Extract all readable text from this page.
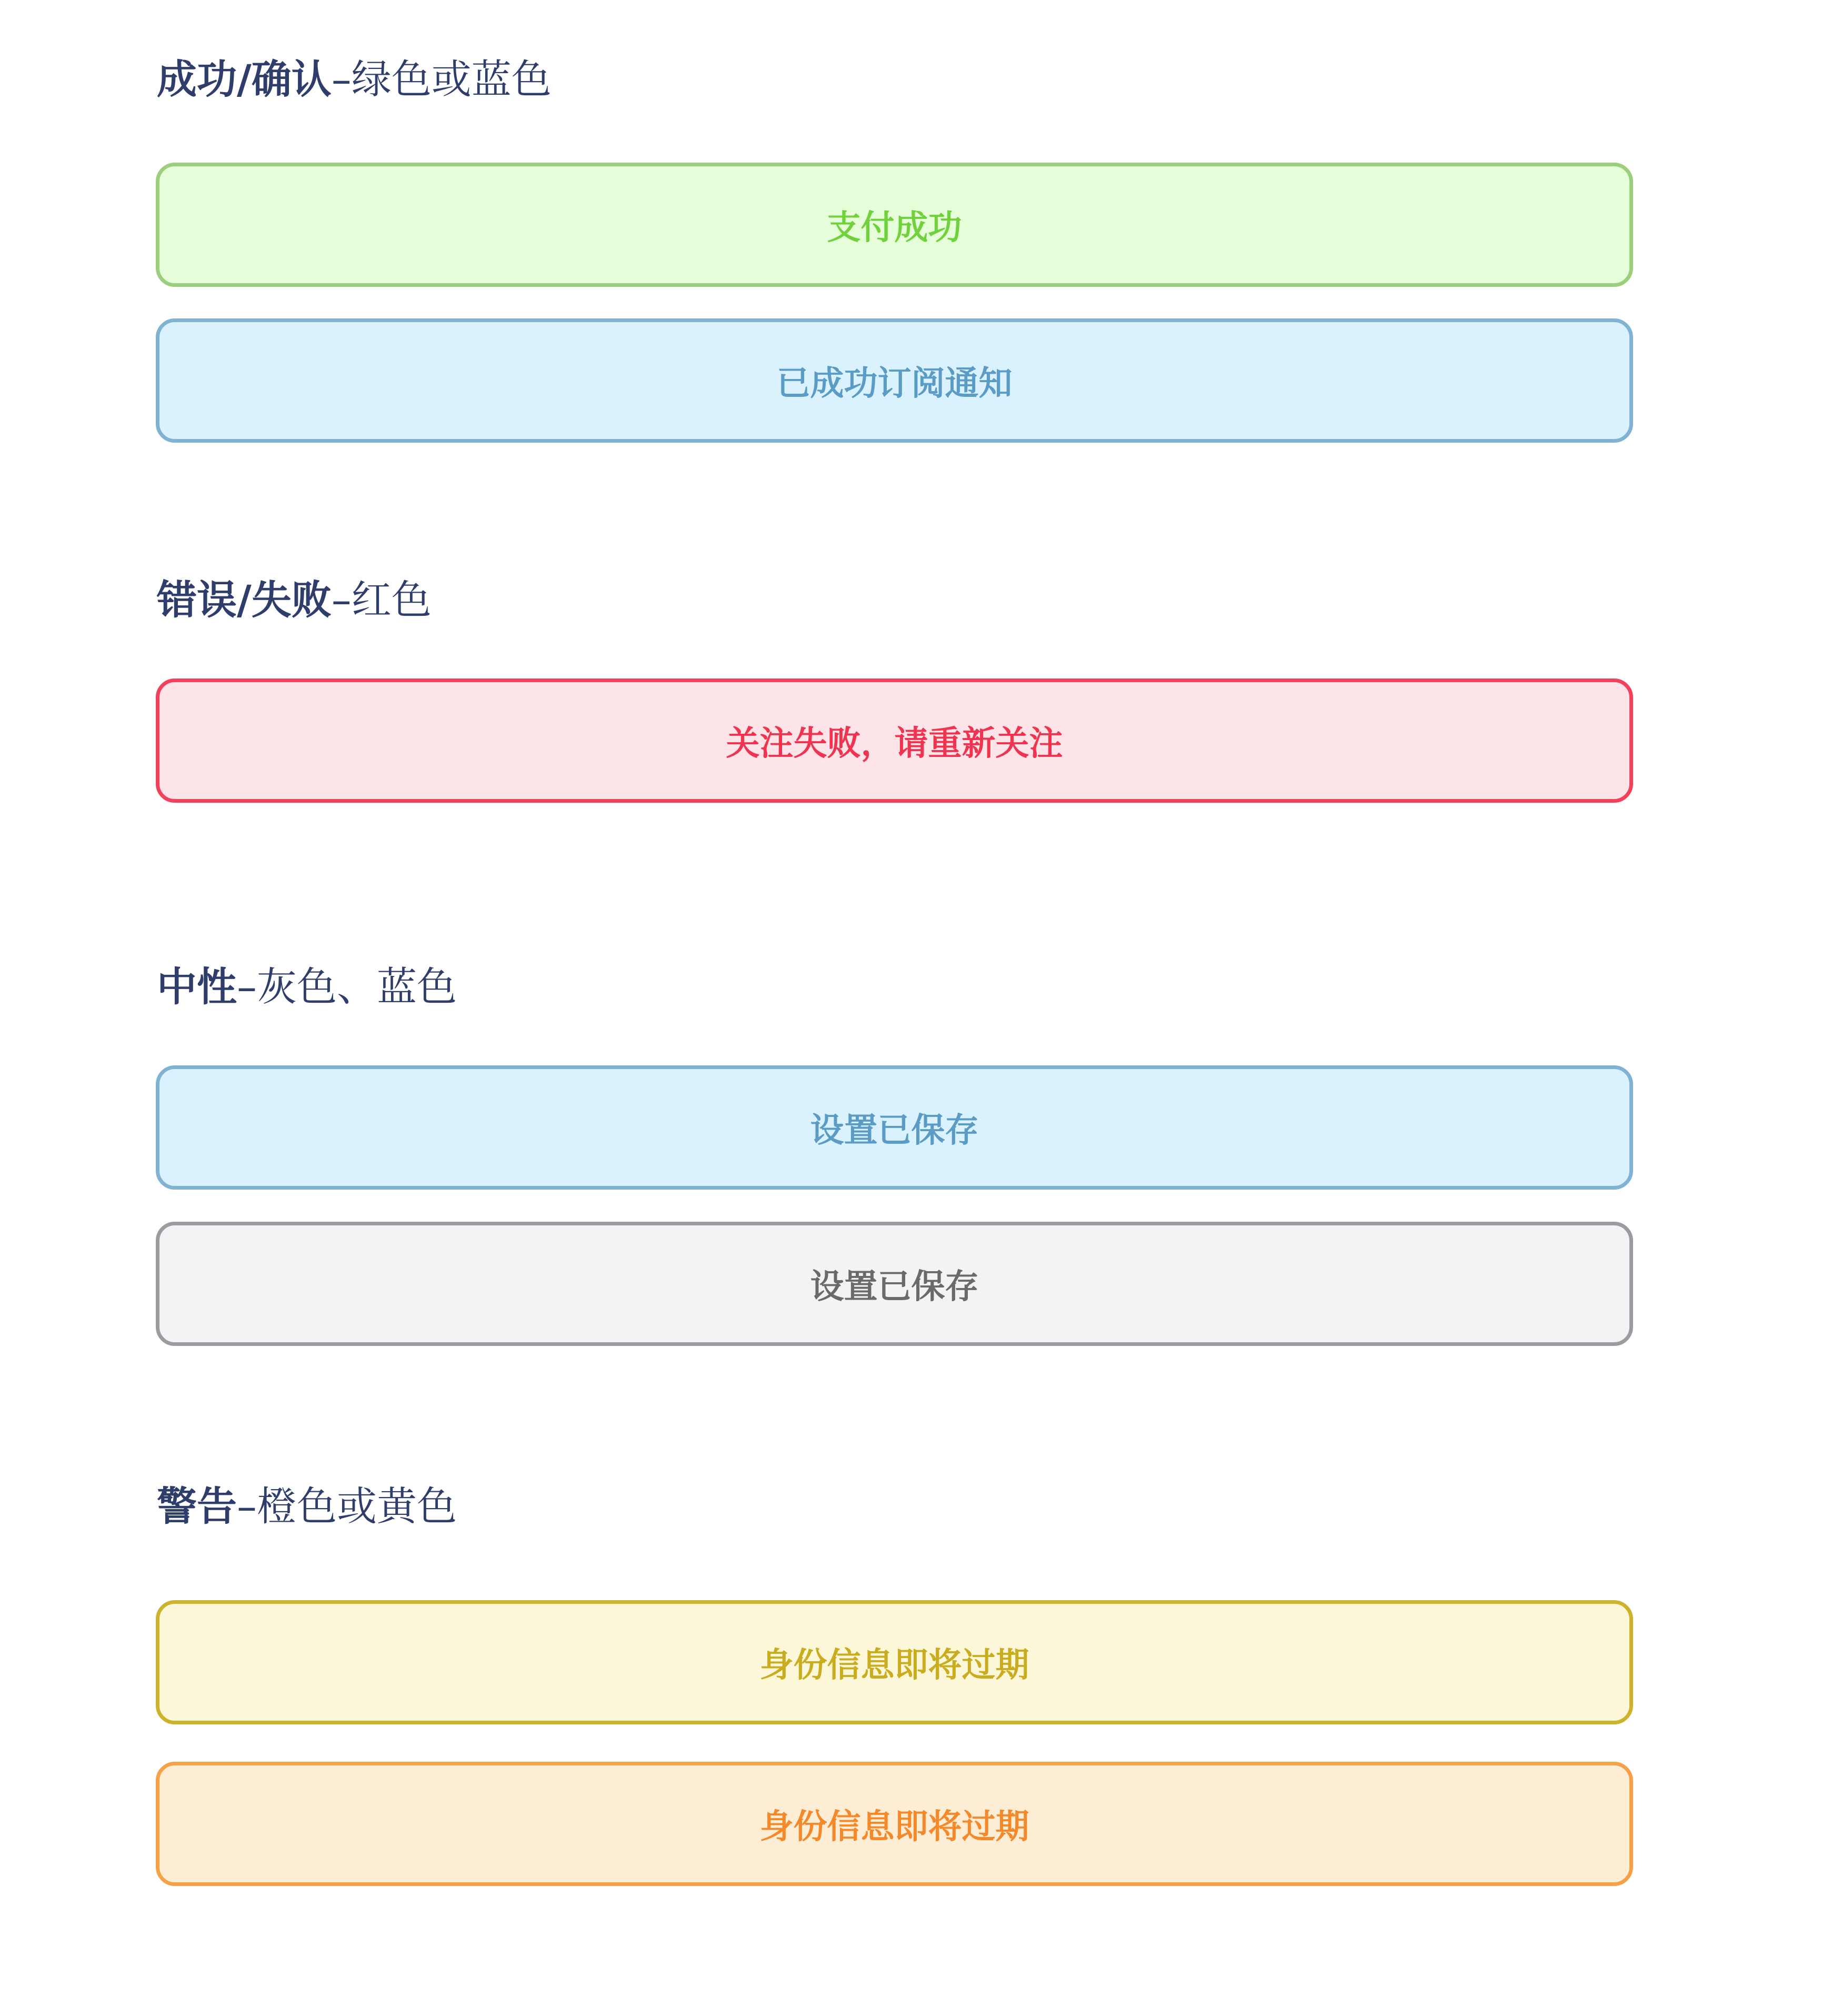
成功/确认–绿色或蓝色
支付成功
已成功订阅通知
错误/失败–红色
关注失败，请重新关注
中性–灰色、蓝色
设置已保存
设置已保存
警告–橙色或黄色
身份信息即将过期
身份信息即将过期
